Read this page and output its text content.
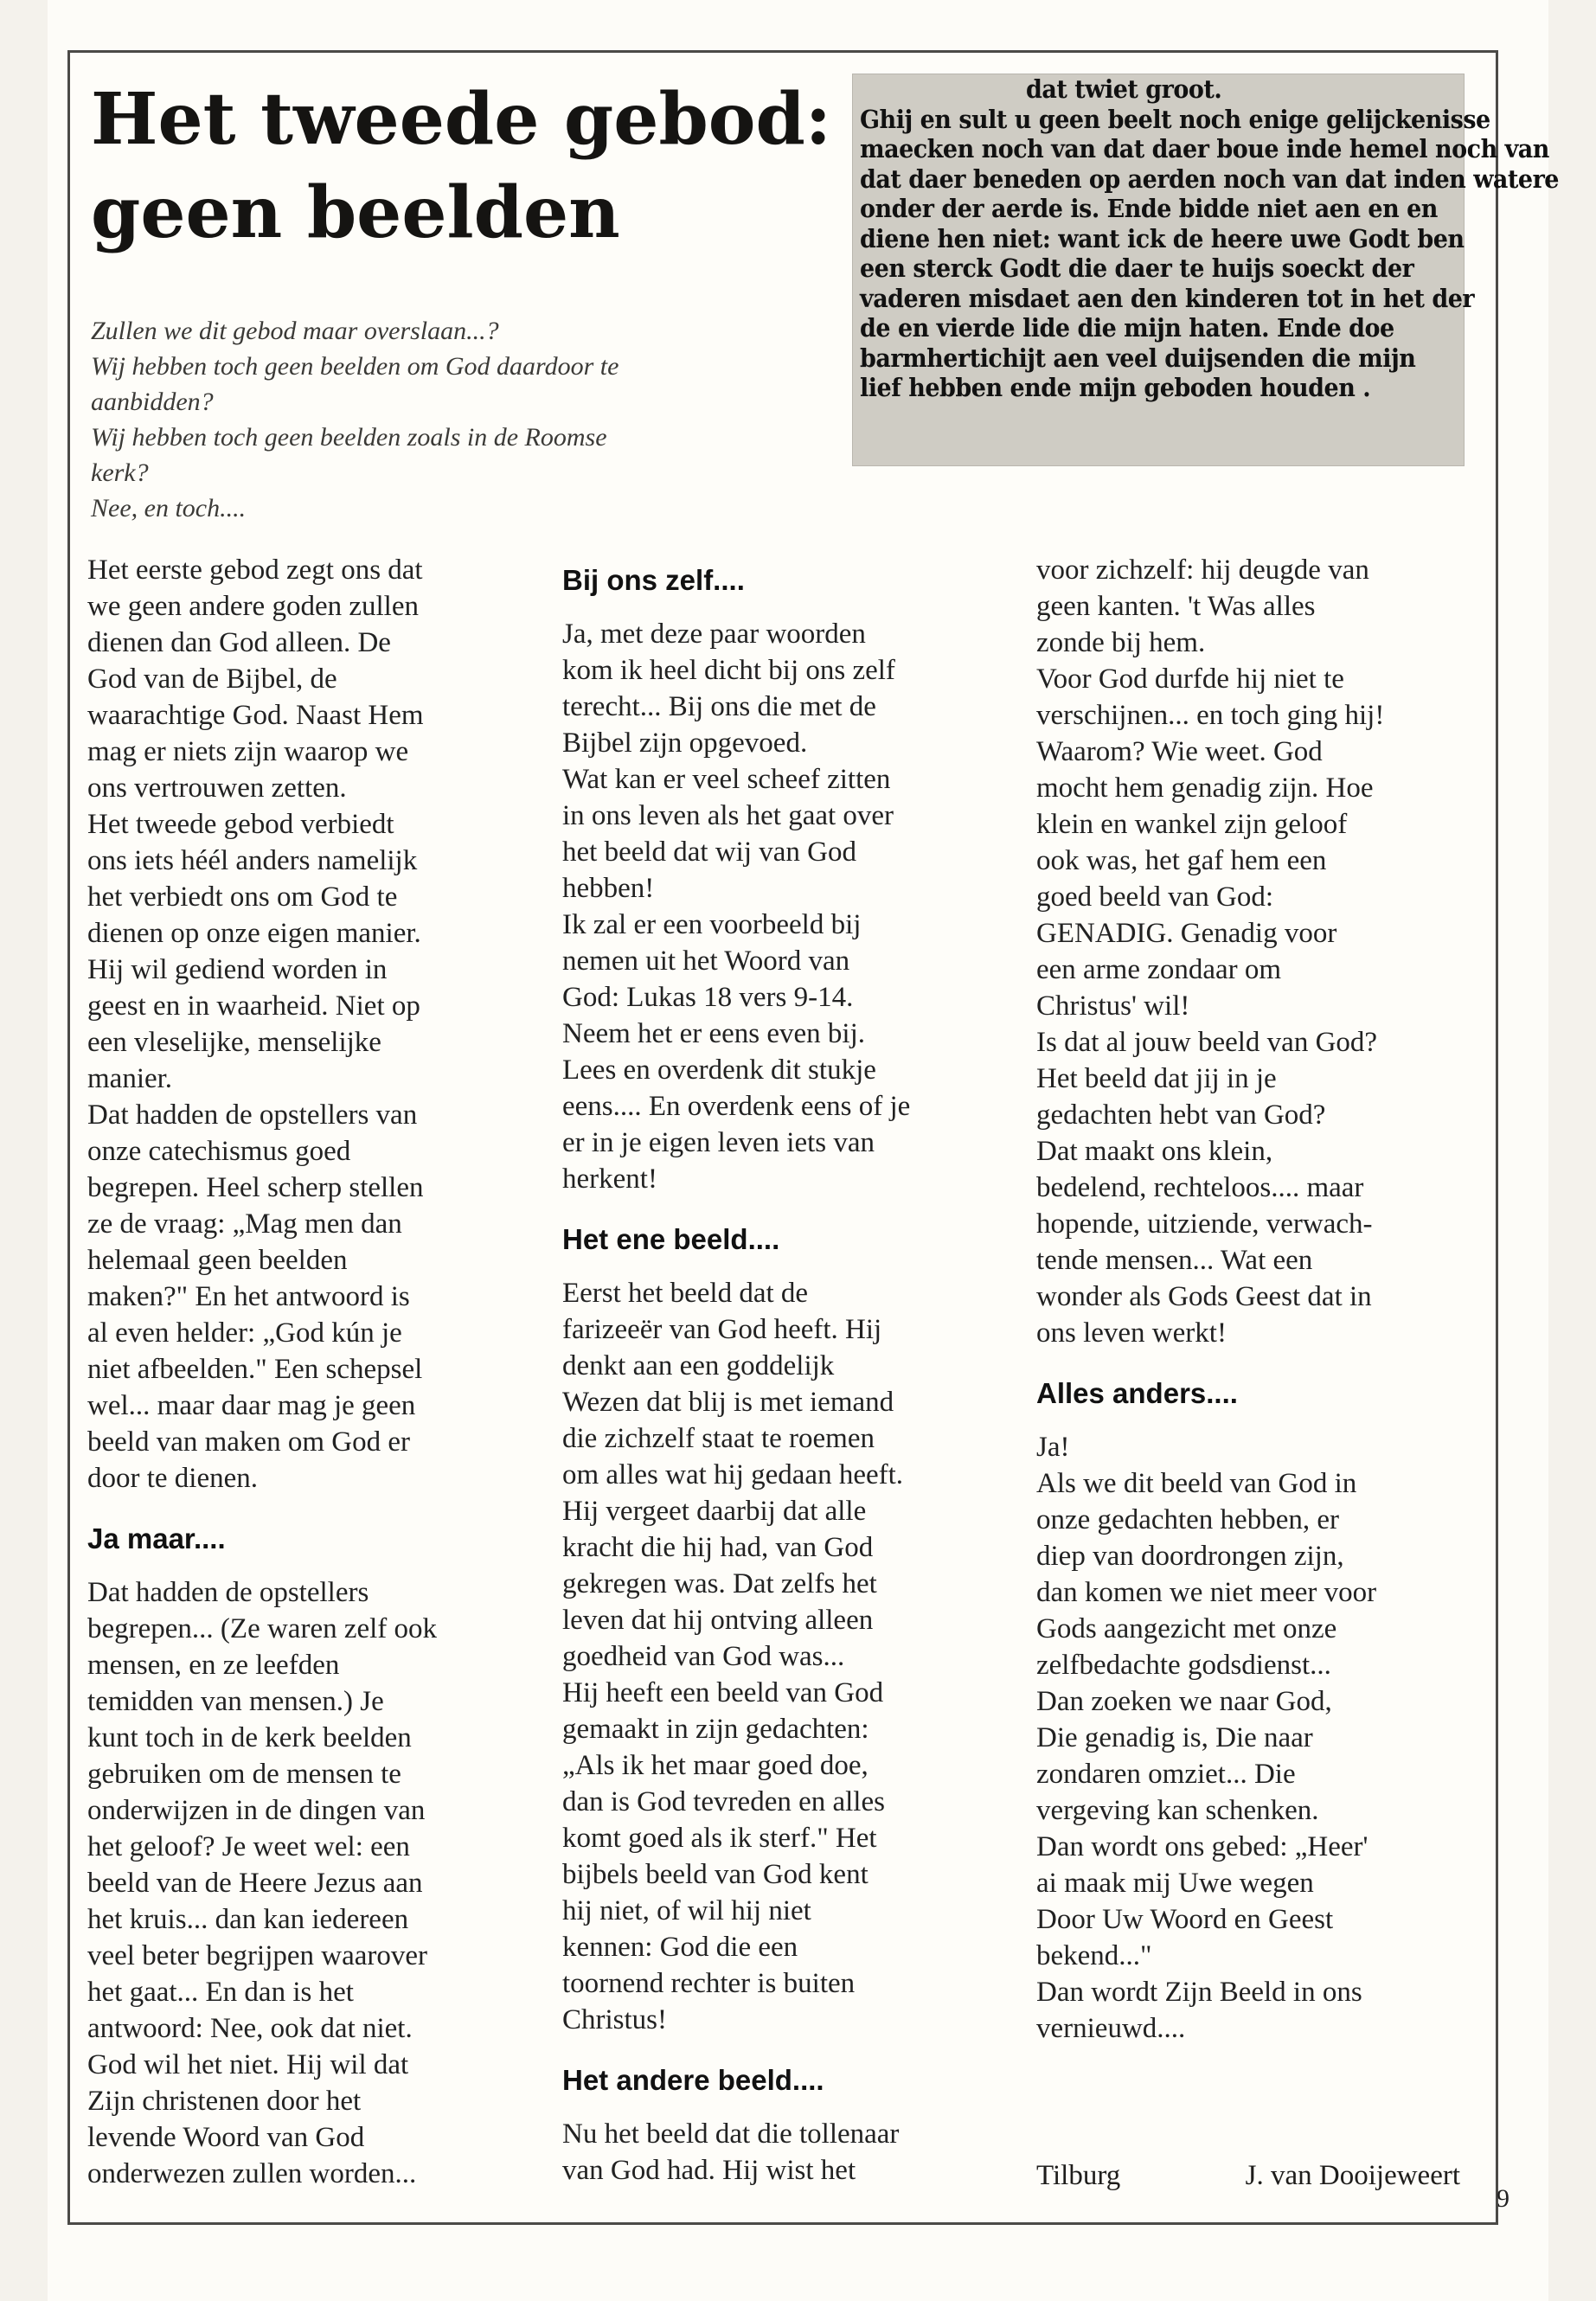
Het tweede gebod:
geen beelden
Zullen we dit gebod maar overslaan...?
Wij hebben toch geen beelden om God daardoor te
aanbidden?
Wij hebben toch geen beelden zoals in de Roomse
kerk?
Nee, en toch....
dat twiet groot.
Ghij en sult u geen beelt noch enige gelijckenisse
maecken noch van dat daer boue inde hemel noch van
dat daer beneden op aerden noch van dat inden watere
onder der aerde is. Ende bidde niet aen en en
diene hen niet: want ick de heere uwe Godt ben
een sterck Godt die daer te huijs soeckt der
vaderen misdaet aen den kinderen tot in het der
de en vierde lide die mijn haten. Ende doe
barmhertichijt aen veel duijsenden die mijn
lief hebben ende mijn geboden houden .

Het eerste gebod zegt ons dat
we geen andere goden zullen
dienen dan God alleen. De
God van de Bijbel, de
waarachtige God. Naast Hem
mag er niets zijn waarop we
ons vertrouwen zetten.
Het tweede gebod verbiedt
ons iets héél anders namelijk
het verbiedt ons om God te
dienen op onze eigen manier.
Hij wil gediend worden in
geest en in waarheid. Niet op
een vleselijke, menselijke
manier.
Dat hadden de opstellers van
onze catechismus goed
begrepen. Heel scherp stellen
ze de vraag: „Mag men dan
helemaal geen beelden
maken?" En het antwoord is
al even helder: „God kún je
niet afbeelden." Een schepsel
wel... maar daar mag je geen
beeld van maken om God er
door te dienen.

Ja maar....

Dat hadden de opstellers
begrepen... (Ze waren zelf ook
mensen, en ze leefden
temidden van mensen.) Je
kunt toch in de kerk beelden
gebruiken om de mensen te
onderwijzen in de dingen van
het geloof? Je weet wel: een
beeld van de Heere Jezus aan
het kruis... dan kan iedereen
veel beter begrijpen waarover
het gaat... En dan is het
antwoord: Nee, ook dat niet.
God wil het niet. Hij wil dat
Zijn christenen door het
levende Woord van God
onderwezen zullen worden...

Bij ons zelf....

Ja, met deze paar woorden
kom ik heel dicht bij ons zelf
terecht... Bij ons die met de
Bijbel zijn opgevoed.
Wat kan er veel scheef zitten
in ons leven als het gaat over
het beeld dat wij van God
hebben!
Ik zal er een voorbeeld bij
nemen uit het Woord van
God: Lukas 18 vers 9-14.
Neem het er eens even bij.
Lees en overdenk dit stukje
eens.... En overdenk eens of je
er in je eigen leven iets van
herkent!

Het ene beeld....

Eerst het beeld dat de
farizeeër van God heeft. Hij
denkt aan een goddelijk
Wezen dat blij is met iemand
die zichzelf staat te roemen
om alles wat hij gedaan heeft.
Hij vergeet daarbij dat alle
kracht die hij had, van God
gekregen was. Dat zelfs het
leven dat hij ontving alleen
goedheid van God was...
Hij heeft een beeld van God
gemaakt in zijn gedachten:
„Als ik het maar goed doe,
dan is God tevreden en alles
komt goed als ik sterf." Het
bijbels beeld van God kent
hij niet, of wil hij niet
kennen: God die een
toornend rechter is buiten
Christus!

Het andere beeld....

Nu het beeld dat die tollenaar
van God had. Hij wist het

voor zichzelf: hij deugde van
geen kanten. 't Was alles
zonde bij hem.
Voor God durfde hij niet te
verschijnen... en toch ging hij!
Waarom? Wie weet. God
mocht hem genadig zijn. Hoe
klein en wankel zijn geloof
ook was, het gaf hem een
goed beeld van God:
GENADIG. Genadig voor
een arme zondaar om
Christus' wil!
Is dat al jouw beeld van God?
Het beeld dat jij in je
gedachten hebt van God?
Dat maakt ons klein,
bedelend, rechteloos.... maar
hopende, uitziende, verwach-
tende mensen... Wat een
wonder als Gods Geest dat in
ons leven werkt!

Alles anders....

Ja!
Als we dit beeld van God in
onze gedachten hebben, er
diep van doordrongen zijn,
dan komen we niet meer voor
Gods aangezicht met onze
zelfbedachte godsdienst...
Dan zoeken we naar God,
Die genadig is, Die naar
zondaren omziet... Die
vergeving kan schenken.
Dan wordt ons gebed: „Heer'
ai maak mij Uwe wegen
Door Uw Woord en Geest
bekend..."
Dan wordt Zijn Beeld in ons
vernieuwd....

Tilburg	J. van Dooijeweert
9
